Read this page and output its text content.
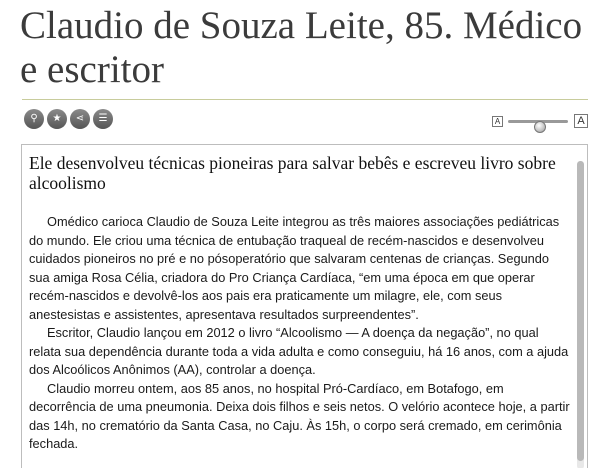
Claudio de Souza Leite, 85. Médico e escritor
⚲	★	⋖	☰	A	A
Ele desenvolveu técnicas pioneiras para salvar bebês e escreveu livro sobre alcoolismo

Omédico carioca Claudio de Souza Leite integrou as três maiores associações pediátricas do mundo. Ele criou uma técnica de entubação traqueal de recém-nascidos e desenvolveu cuidados pioneiros no pré e no pósoperatório que salvaram centenas de crianças. Segundo sua amiga Rosa Célia, criadora do Pro Criança Cardíaca, “em uma época em que operar recém-nascidos e devolvê-los aos pais era praticamente um milagre, ele, com seus anestesistas e assistentes, apresentava resultados surpreendentes”.

Escritor, Claudio lançou em 2012 o livro “Alcoolismo — A doença da negação”, no qual relata sua dependência durante toda a vida adulta e como conseguiu, há 16 anos, com a ajuda dos Alcoólicos Anônimos (AA), controlar a doença.

Claudio morreu ontem, aos 85 anos, no hospital Pró-Cardíaco, em Botafogo, em decorrência de uma pneumonia. Deixa dois filhos e seis netos. O velório acontece hoje, a partir das 14h, no crematório da Santa Casa, no Caju. Às 15h, o corpo será cremado, em cerimônia fechada.
